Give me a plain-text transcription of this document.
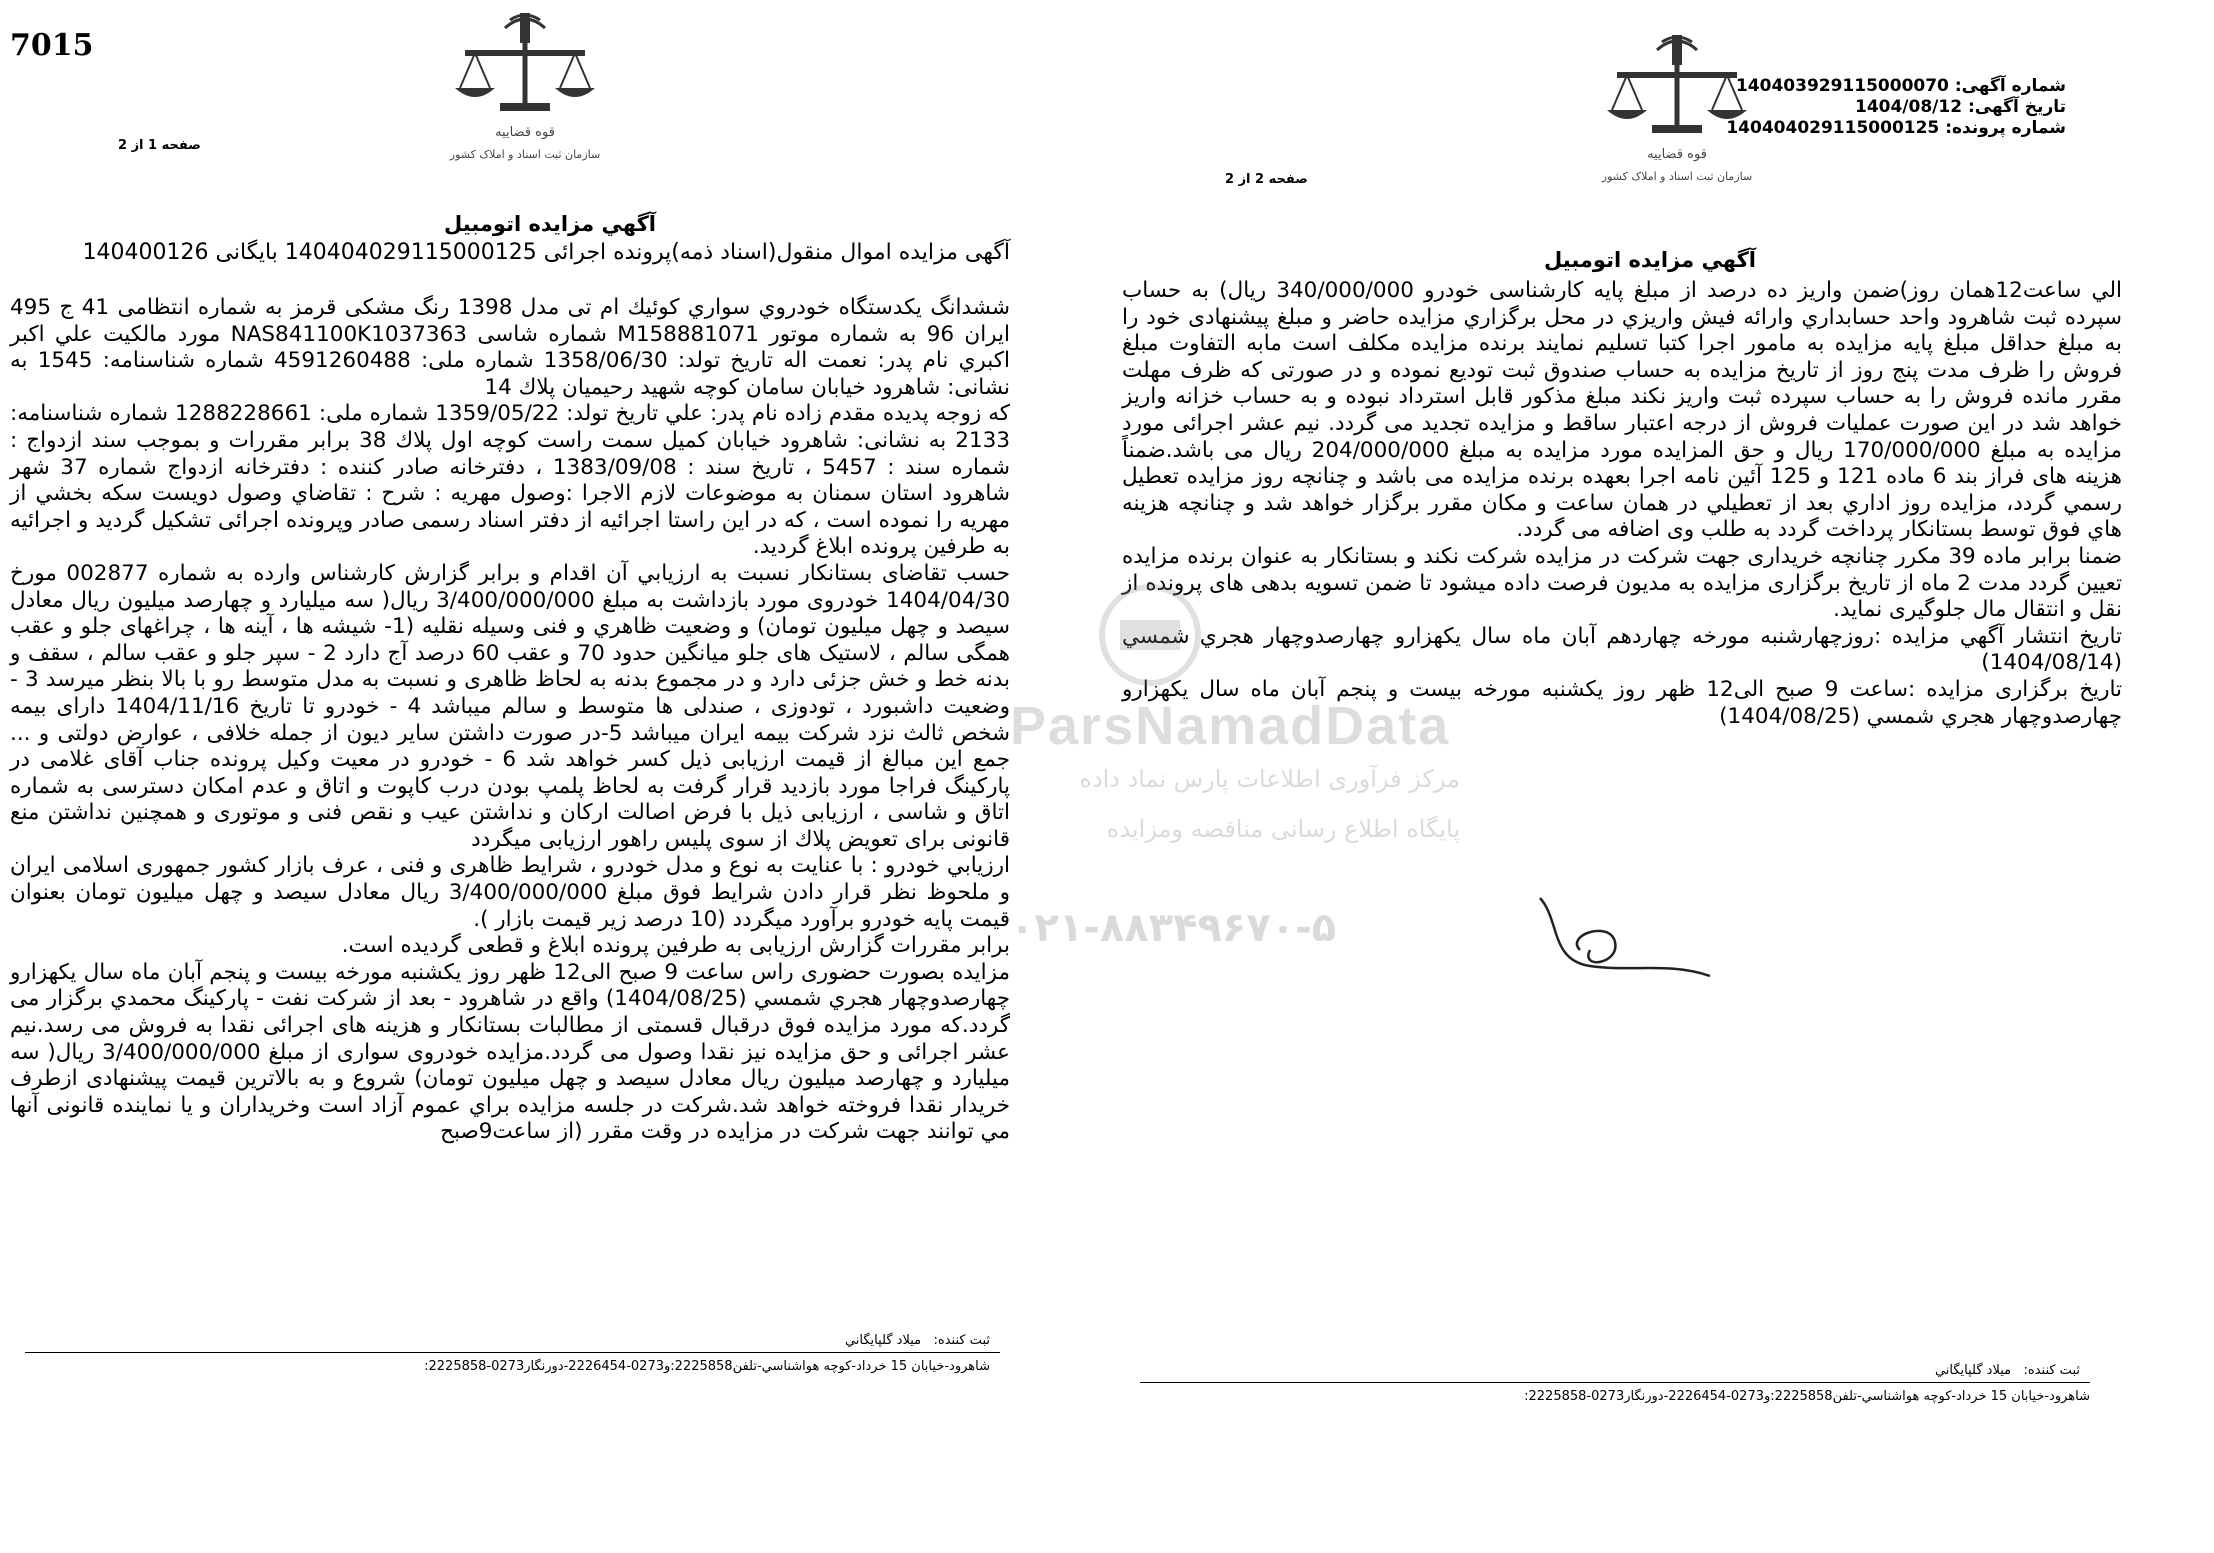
7015
قوه قضاییه
سازمان ثبت اسناد و املاک کشور
صفحه 1 از 2
آگهي مزايده اتومبيل
آگهی مزایده اموال منقول(اسناد ذمه)پرونده اجرائی 140404029115000125 بایگانی 140400126

ششدانگ يكدستگاه خودروي سواري كوئيك ام تی مدل 1398 رنگ مشکی قرمز به شماره انتظامی 41 ج 495 ايران 96 به شماره موتور M158881071 شماره شاسی NAS841100K1037363 مورد مالکيت علي اكبر اكبري نام پدر: نعمت اله تاریخ تولد: 1358/06/30 شماره ملی: 4591260488 شماره شناسنامه: 1545 به نشانی: شاهرود خيابان سامان کوچه شهيد رحيميان پلاك 14

كه زوجه پديده مقدم زاده نام پدر: علي تاريخ تولد: 1359/05/22 شماره ملی: 1288228661 شماره شناسنامه: 2133 به نشانی: شاهرود خيابان کميل سمت راست کوچه اول پلاك 38 برابر مقررات و بموجب سند ازدواج : شماره سند : 5457 ، تاریخ سند : 1383/09/08 ، دفترخانه صادر كننده : دفترخانه ازدواج شماره 37 شهر شاهرود استان سمنان به موضوعات لازم الاجرا :وصول مهريه : شرح : تقاضاي وصول دويست سكه بخشي از مهريه را نموده است ، كه در اين راستا اجرائيه از دفتر اسناد رسمی صادر وپرونده اجرائی تشکيل گرديد و اجرائيه به طرفين پرونده ابلاغ گرديد.

حسب تقاضای بستانکار نسبت به ارزيابي آن اقدام و برابر گزارش كارشناس وارده به شماره 002877 مورخ 1404/04/30 خودروی مورد بازداشت به مبلغ 3/400/000/000 ریال( سه میلیارد و چهارصد ميليون ريال معادل سيصد و چهل ميليون تومان) و وضعيت ظاهري و فنی وسيله نقليه (1- شيشه ها ، آينه ها ، چراغهای جلو و عقب همگی سالم ، لاستيک های جلو ميانگين حدود 70 و عقب 60 درصد آج دارد 2 - سپر جلو و عقب سالم ، سقف و بدنه خط و خش جزئی دارد و در مجموع بدنه به لحاظ ظاهری و نسبت به مدل متوسط رو با بالا بنظر ميرسد 3 - وضعيت داشبورد ، تودوزی ، صندلی ها متوسط و سالم ميباشد 4 - خودرو تا تاریخ 1404/11/16 دارای بيمه شخص ثالث نزد شركت بيمه ايران ميباشد 5-در صورت داشتن ساير ديون از جمله خلافی ، عوارض دولتی و ... جمع اين مبالغ از قيمت ارزيابی ذيل كسر خواهد شد 6 - خودرو در معيت وكيل پرونده جناب آقای غلامی در پاركينگ فراجا مورد بازديد قرار گرفت به لحاظ پلمپ بودن درب كاپوت و اتاق و عدم امكان دسترسی به شماره اتاق و شاسی ، ارزيابی ذيل با فرض اصالت اركان و نداشتن عيب و نقص فنی و موتوری و همچنين نداشتن منع قانونی برای تعويض پلاك از سوی پليس راهور ارزيابی ميگردد

ارزيابي خودرو : با عنايت به نوع و مدل خودرو ، شرايط ظاهری و فنی ، عرف بازار كشور جمهوری اسلامی ايران و ملحوظ نظر قرار دادن شرايط فوق مبلغ 3/400/000/000 ريال معادل سيصد و چهل ميليون تومان بعنوان قيمت پايه خودرو برآورد ميگردد (10 درصد زير قيمت بازار ).

برابر مقررات گزارش ارزيابی به طرفين پرونده ابلاغ و قطعی گرديده است.

مزایده بصورت حضوری راس ساعت 9 صبح الی12 ظهر روز يكشنبه مورخه بيست و پنجم آبان ماه سال يكهزارو چهارصدوچهار هجري شمسي (1404/08/25) واقع در شاهرود - بعد از شركت نفت - پاركينگ محمدي برگزار می گردد.كه مورد مزایده فوق درقبال قسمتی از مطالبات بستانکار و هزینه های اجرائی نقدا به فروش می رسد.نیم عشر اجرائی و حق مزایده نیز نقدا وصول می گردد.مزایده خودروی سواری از مبلغ 3/400/000/000 ریال( سه میلیارد و چهارصد میلیون ریال معادل سیصد و چهل میلیون تومان) شروع و به بالاترین قیمت پیشنهادی ازطرف خریدار نقدا فروخته خواهد شد.شرکت در جلسه مزایده براي عموم آزاد است وخريداران و يا نماينده قانونی آنها مي توانند جهت شركت در مزايده در وقت مقرر (از ساعت9صبح

ثبت كننده:   ميلاد گلپايگاني
شاهرود-خیابان 15 خرداد-کوچه هواشناسي-تلفن2225858:و0273-2226454-دورنگار0273-2225858:
قوه قضاییه
سازمان ثبت اسناد و املاک کشور
شماره آگهی: 140403929115000070
تاریخ آگهی: 1404/08/12
شماره پرونده: 140404029115000125
صفحه 2 از 2
آگهي مزايده اتومبيل

الي ساعت12همان روز)ضمن واریز ده درصد از مبلغ پايه كارشناسی خودرو 340/000/000 ريال) به حساب سپرده ثبت شاهرود واحد حسابداري وارائه فيش واريزي در محل برگزاري مزايده حاضر و مبلغ پيشنهادی خود را به مبلغ حداقل مبلغ پايه مزايده به مامور اجرا كتبا تسليم نمايند برنده مزايده مكلف است مابه التفاوت مبلغ فروش را ظرف مدت پنج روز از تاريخ مزايده به حساب صندوق ثبت توديع نموده و در صورتی كه ظرف مهلت مقرر مانده فروش را به حساب سپرده ثبت واريز نكند مبلغ مذكور قابل استرداد نبوده و به حساب خزانه واريز خواهد شد در اين صورت عمليات فروش از درجه اعتبار ساقط و مزايده تجديد می گردد. نيم عشر اجرائی مورد مزايده به مبلغ 170/000/000 ريال و حق المزايده مورد مزايده به مبلغ 204/000/000 ريال می باشد.ضمناً هزینه های فراز بند 6 ماده 121 و 125 آئین نامه اجرا بعهده برنده مزایده می باشد و چنانچه روز مزایده تعطیل رسمي گردد، مزايده روز اداري بعد از تعطيلي در همان ساعت و مكان مقرر برگزار خواهد شد و چنانچه هزينه هاي فوق توسط بستانكار پرداخت گردد به طلب وی اضافه می گردد.

ضمنا برابر ماده 39 مکرر چنانچه خریداری جهت شرکت در مزایده شرکت نکند و بستانکار به عنوان برنده مزایده تعیین گردد مدت 2 ماه از تاریخ برگزاری مزایده به مدیون فرصت داده میشود تا ضمن تسویه بدهی های پرونده از نقل و انتقال مال جلوگیری نماید.

تاريخ انتشار آگهي مزايده :روزچهارشنبه مورخه چهاردهم آبان ماه سال يکهزارو چهارصدوچهار هجري شمسي (1404/08/14)

تاريخ برگزاری مزايده :ساعت 9 صبح الی12 ظهر روز يكشنبه مورخه بيست و پنجم آبان ماه سال يكهزارو چهارصدوچهار هجري شمسي (1404/08/25)

ثبت كننده:   ميلاد گلپايگاني
شاهرود-خیابان 15 خرداد-کوچه هواشناسي-تلفن2225858:و0273-2226454-دورنگار0273-2225858:
ParsNamadData
مرکز فرآوری اطلاعات پارس نماد داده
پایگاه اطلاع رسانی مناقصه ومزایده
۰۲۱-۸۸۳۴۹۶۷۰-۵
